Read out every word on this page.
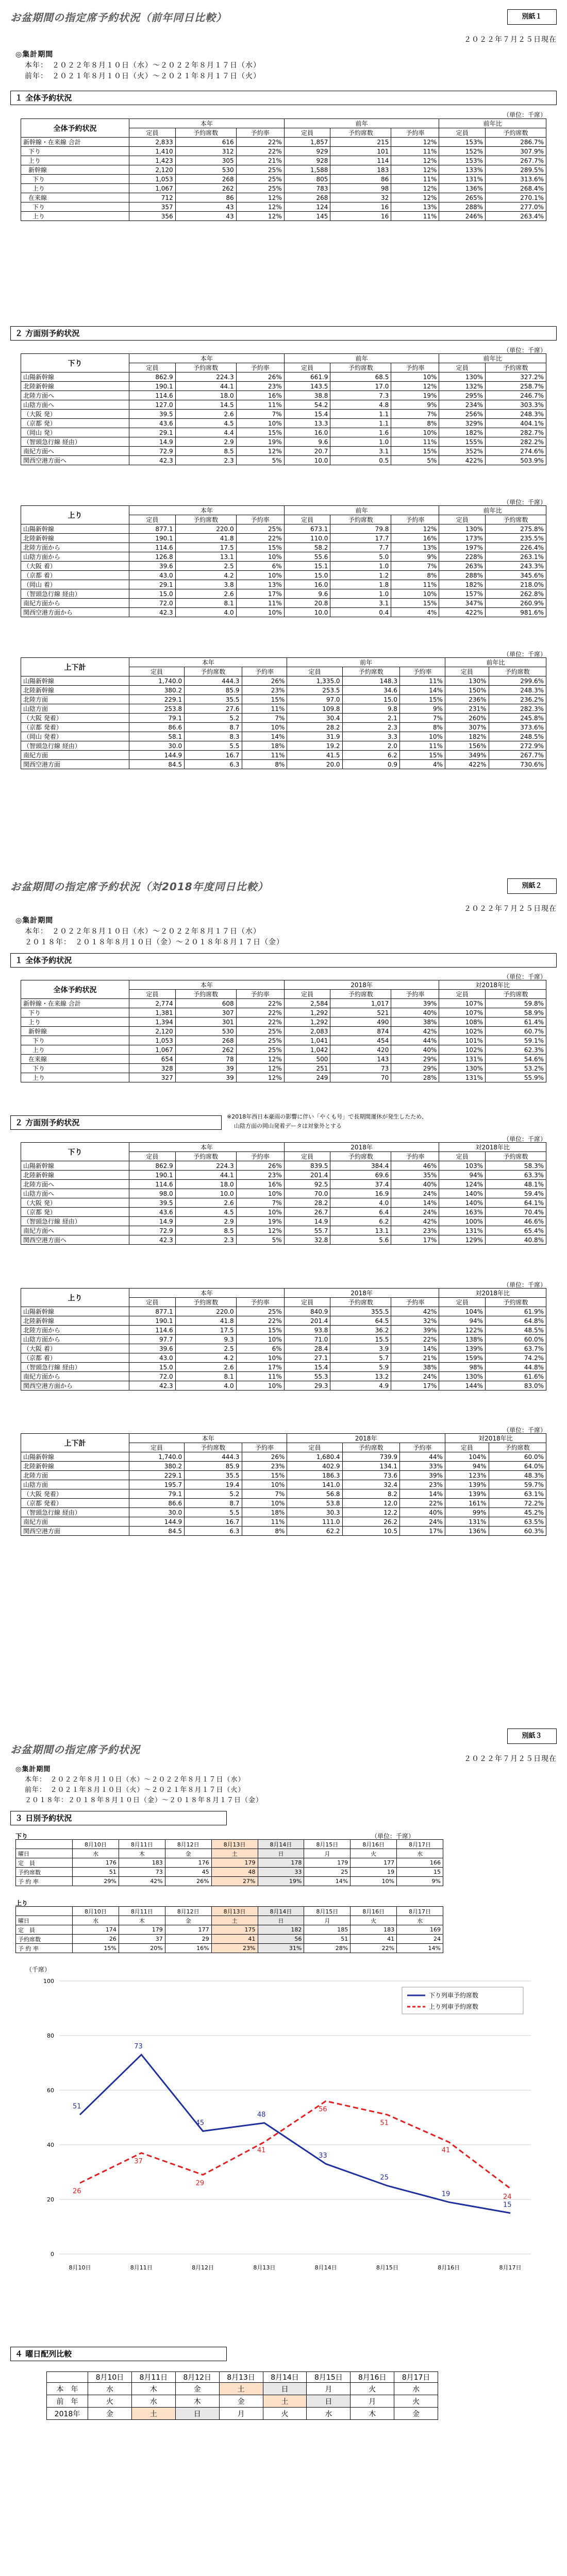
お盆期間の指定席予約状況（前年同日比較）	別紙１
２０２２年７月２５日現在
◎集計期間
本年：　２０２２年８月１０日（水）～２０２２年８月１７日（水）
前年：　２０２１年８月１０日（火）～２０２１年８月１７日（火）
１ 全体予約状況
（単位：千席）
全体予約状況	本年			前年			前年比	
	定員	予約席数	予約率	定員	予約席数	予約率	定員	予約席数
新幹線・在来線 合計	2,833	616	22%	1,857	215	12%	153%	286.7%
下り	1,410	312	22%	929	101	11%	152%	307.9%
上り	1,423	305	21%	928	114	12%	153%	267.7%
新幹線	2,120	530	25%	1,588	183	12%	133%	289.5%
下り	1,053	268	25%	805	86	11%	131%	313.6%
上り	1,067	262	25%	783	98	12%	136%	268.4%
在来線	712	86	12%	268	32	12%	265%	270.1%
下り	357	43	12%	124	16	13%	288%	277.0%
上り	356	43	12%	145	16	11%	246%	263.4%
２ 方面別予約状況
（単位：千席）
下り	本年			前年			前年比	
	定員	予約席数	予約率	定員	予約席数	予約率	定員	予約席数
山陽新幹線	862.9	224.3	26%	661.9	68.5	10%	130%	327.2%
北陸新幹線	190.1	44.1	23%	143.5	17.0	12%	132%	258.7%
北陸方面へ	114.6	18.0	16%	38.8	7.3	19%	295%	246.7%
山陰方面へ	127.0	14.5	11%	54.2	4.8	9%	234%	303.3%
（大阪 発）	39.5	2.6	7%	15.4	1.1	7%	256%	248.3%
（京都 発）	43.6	4.5	10%	13.3	1.1	8%	329%	404.1%
（岡山 発）	29.1	4.4	15%	16.0	1.6	10%	182%	282.7%
（智頭急行線 経由）	14.9	2.9	19%	9.6	1.0	11%	155%	282.2%
南紀方面へ	72.9	8.5	12%	20.7	3.1	15%	352%	274.6%
関西空港方面へ	42.3	2.3	5%	10.0	0.5	5%	422%	503.9%
（単位：千席）
上り	本年			前年			前年比	
	定員	予約席数	予約率	定員	予約席数	予約率	定員	予約席数
山陽新幹線	877.1	220.0	25%	673.1	79.8	12%	130%	275.8%
北陸新幹線	190.1	41.8	22%	110.0	17.7	16%	173%	235.5%
北陸方面から	114.6	17.5	15%	58.2	7.7	13%	197%	226.4%
山陰方面から	126.8	13.1	10%	55.6	5.0	9%	228%	263.1%
（大阪 着）	39.6	2.5	6%	15.1	1.0	7%	263%	243.3%
（京都 着）	43.0	4.2	10%	15.0	1.2	8%	288%	345.6%
（岡山 着）	29.1	3.8	13%	16.0	1.8	11%	182%	218.0%
（智頭急行線 経由）	15.0	2.6	17%	9.6	1.0	10%	157%	262.8%
南紀方面から	72.0	8.1	11%	20.8	3.1	15%	347%	260.9%
関西空港方面から	42.3	4.0	10%	10.0	0.4	4%	422%	981.6%
（単位：千席）
上下計	本年			前年			前年比	
	定員	予約席数	予約率	定員	予約席数	予約率	定員	予約席数
山陽新幹線	1,740.0	444.3	26%	1,335.0	148.3	11%	130%	299.6%
北陸新幹線	380.2	85.9	23%	253.5	34.6	14%	150%	248.3%
北陸方面	229.1	35.5	15%	97.0	15.0	15%	236%	236.2%
山陰方面	253.8	27.6	11%	109.8	9.8	9%	231%	282.3%
（大阪 発着）	79.1	5.2	7%	30.4	2.1	7%	260%	245.8%
（京都 発着）	86.6	8.7	10%	28.2	2.3	8%	307%	373.6%
（岡山 発着）	58.1	8.3	14%	31.9	3.3	10%	182%	248.5%
（智頭急行線 経由）	30.0	5.5	18%	19.2	2.0	11%	156%	272.9%
南紀方面	144.9	16.7	11%	41.5	6.2	15%	349%	267.7%
関西空港方面	84.5	6.3	8%	20.0	0.9	4%	422%	730.6%
お盆期間の指定席予約状況（対2018年度同日比較）	別紙２
２０２２年７月２５日現在
◎集計期間
本年：　２０２２年８月１０日（水）～２０２２年８月１７日（水）
２０１８年：　２０１８年８月１０日（金）～２０１８年８月１７日（金）
１ 全体予約状況
（単位：千席）
全体予約状況	本年			2018年			対2018年比	
	定員	予約席数	予約率	定員	予約席数	予約率	定員	予約席数
新幹線・在来線 合計	2,774	608	22%	2,584	1,017	39%	107%	59.8%
下り	1,381	307	22%	1,292	521	40%	107%	58.9%
上り	1,394	301	22%	1,292	490	38%	108%	61.4%
新幹線	2,120	530	25%	2,083	874	42%	102%	60.7%
下り	1,053	268	25%	1,041	454	44%	101%	59.1%
上り	1,067	262	25%	1,042	420	40%	102%	62.3%
在来線	654	78	12%	500	143	29%	131%	54.6%
下り	328	39	12%	251	73	29%	130%	53.2%
上り	327	39	12%	249	70	28%	131%	55.9%
２ 方面別予約状況
※2018年西日本豪雨の影響に伴い「やくも号」で長期間運休が発生したため、
山陰方面の岡山発着データは対象外とする
（単位：千席）
下り	本年			2018年			対2018年比	
	定員	予約席数	予約率	定員	予約席数	予約率	定員	予約席数
山陽新幹線	862.9	224.3	26%	839.5	384.4	46%	103%	58.3%
北陸新幹線	190.1	44.1	23%	201.4	69.6	35%	94%	63.3%
北陸方面へ	114.6	18.0	16%	92.5	37.4	40%	124%	48.1%
山陰方面へ	98.0	10.0	10%	70.0	16.9	24%	140%	59.4%
（大阪 発）	39.5	2.6	7%	28.2	4.0	14%	140%	64.1%
（京都 発）	43.6	4.5	10%	26.7	6.4	24%	163%	70.4%
（智頭急行線 経由）	14.9	2.9	19%	14.9	6.2	42%	100%	46.6%
南紀方面へ	72.9	8.5	12%	55.7	13.1	23%	131%	65.4%
関西空港方面へ	42.3	2.3	5%	32.8	5.6	17%	129%	40.8%
（単位：千席）
上り	本年			2018年			対2018年比	
	定員	予約席数	予約率	定員	予約席数	予約率	定員	予約席数
山陽新幹線	877.1	220.0	25%	840.9	355.5	42%	104%	61.9%
北陸新幹線	190.1	41.8	22%	201.4	64.5	32%	94%	64.8%
北陸方面から	114.6	17.5	15%	93.8	36.2	39%	122%	48.5%
山陰方面から	97.7	9.3	10%	71.0	15.5	22%	138%	60.0%
（大阪 着）	39.6	2.5	6%	28.4	3.9	14%	139%	63.7%
（京都 着）	43.0	4.2	10%	27.1	5.7	21%	159%	74.2%
（智頭急行線 経由）	15.0	2.6	17%	15.4	5.9	38%	98%	44.8%
南紀方面から	72.0	8.1	11%	55.3	13.2	24%	130%	61.6%
関西空港方面から	42.3	4.0	10%	29.3	4.9	17%	144%	83.0%
（単位：千席）
上下計	本年			2018年			対2018年比	
	定員	予約席数	予約率	定員	予約席数	予約率	定員	予約席数
山陽新幹線	1,740.0	444.3	26%	1,680.4	739.9	44%	104%	60.0%
北陸新幹線	380.2	85.9	23%	402.9	134.1	33%	94%	64.0%
北陸方面	229.1	35.5	15%	186.3	73.6	39%	123%	48.3%
山陰方面	195.7	19.4	10%	141.0	32.4	23%	139%	59.7%
（大阪 発着）	79.1	5.2	7%	56.8	8.2	14%	139%	63.1%
（京都 発着）	86.6	8.7	10%	53.8	12.0	22%	161%	72.2%
（智頭急行線 経由）	30.0	5.5	18%	30.3	12.2	40%	99%	45.2%
南紀方面	144.9	16.7	11%	111.0	26.2	24%	131%	63.5%
関西空港方面	84.5	6.3	8%	62.2	10.5	17%	136%	60.3%
お盆期間の指定席予約状況
別紙３
２０２２年７月２５日現在
◎集計期間
本年：　２０２２年８月１０日（水）～２０２２年８月１７日（水）
前年：　２０２１年８月１０日（火）～２０２１年８月１７日（火）
２０１８年：２０１８年８月１０日（金）～２０１８年８月１７日（金）
３ 日別予約状況
下り	（単位：千席）
	8月10日	8月11日	8月12日	8月13日	8月14日	8月15日	8月16日	8月17日
曜日	水	木	金	土	日	月	火	水
定　員	176	183	176	179	178	179	177	166
予約席数	51	73	45	48	33	25	19	15
予 約 率	29%	42%	26%	27%	19%	14%	10%	9%
上り
	8月10日	8月11日	8月12日	8月13日	8月14日	8月15日	8月16日	8月17日
曜日	水	木	金	土	日	月	火	水
定　員	174	179	177	175	182	185	183	169
予約席数	26	37	29	41	56	51	41	24
予 約 率	15%	20%	16%	23%	31%	28%	22%	14%
（千席）
0
20
40
60
80
100
8月10日	8月11日	8月12日	8月13日	8月14日	8月15日	8月16日	8月17日
51
73
45
48
33
25
19
15
26
37
29
41
56
51
41
24
下り列車予約席数
上り列車予約席数
４ 曜日配列比較
	8月10日	8月11日	8月12日	8月13日	8月14日	8月15日	8月16日	8月17日
本　年	水	木	金	土	日	月	火	水
前　年	火	水	木	金	土	日	月	火
2018年	金	土	日	月	火	水	木	金
